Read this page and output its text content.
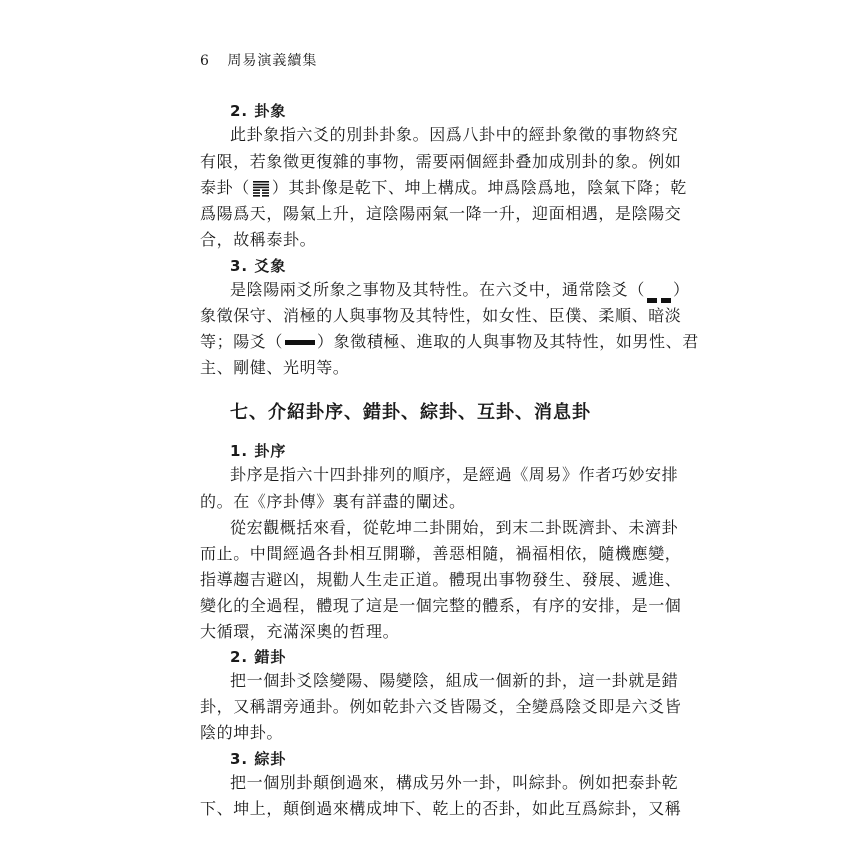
6 周易演義續集
2. 卦象
此卦象指六爻的別卦卦象。因爲八卦中的經卦象徵的事物終究
有限，若象徵更復雜的事物，需要兩個經卦叠加成別卦的象。例如
泰卦（ ）其卦像是乾下、坤上構成。坤爲陰爲地，陰氣下降；乾
爲陽爲天，陽氣上升，這陰陽兩氣一降一升，迎面相遇，是陰陽交
合，故稱泰卦。
3. 爻象
是陰陽兩爻所象之事物及其特性。在六爻中，通常陰爻（ ）
象徵保守、消極的人與事物及其特性，如女性、臣僕、柔順、暗淡
等；陽爻（ ）象徵積極、進取的人與事物及其特性，如男性、君
主、剛健、光明等。
七、介紹卦序、錯卦、綜卦、互卦、消息卦
1. 卦序
卦序是指六十四卦排列的順序，是經過《周易》作者巧妙安排
的。在《序卦傳》裏有詳盡的闡述。
從宏觀概括來看，從乾坤二卦開始，到末二卦既濟卦、未濟卦
而止。中間經過各卦相互開聯，善惡相隨，禍福相依，隨機應變，
指導趨吉避凶，規勸人生走正道。體現出事物發生、發展、遞進、
變化的全過程，體現了這是一個完整的體系，有序的安排，是一個
大循環，充滿深奧的哲理。
2. 錯卦
把一個卦爻陰變陽、陽變陰，組成一個新的卦，這一卦就是錯
卦，又稱謂旁通卦。例如乾卦六爻皆陽爻，全變爲陰爻即是六爻皆
陰的坤卦。
3. 綜卦
把一個別卦顛倒過來，構成另外一卦，叫綜卦。例如把泰卦乾
下、坤上，顛倒過來構成坤下、乾上的否卦，如此互爲綜卦，又稱
